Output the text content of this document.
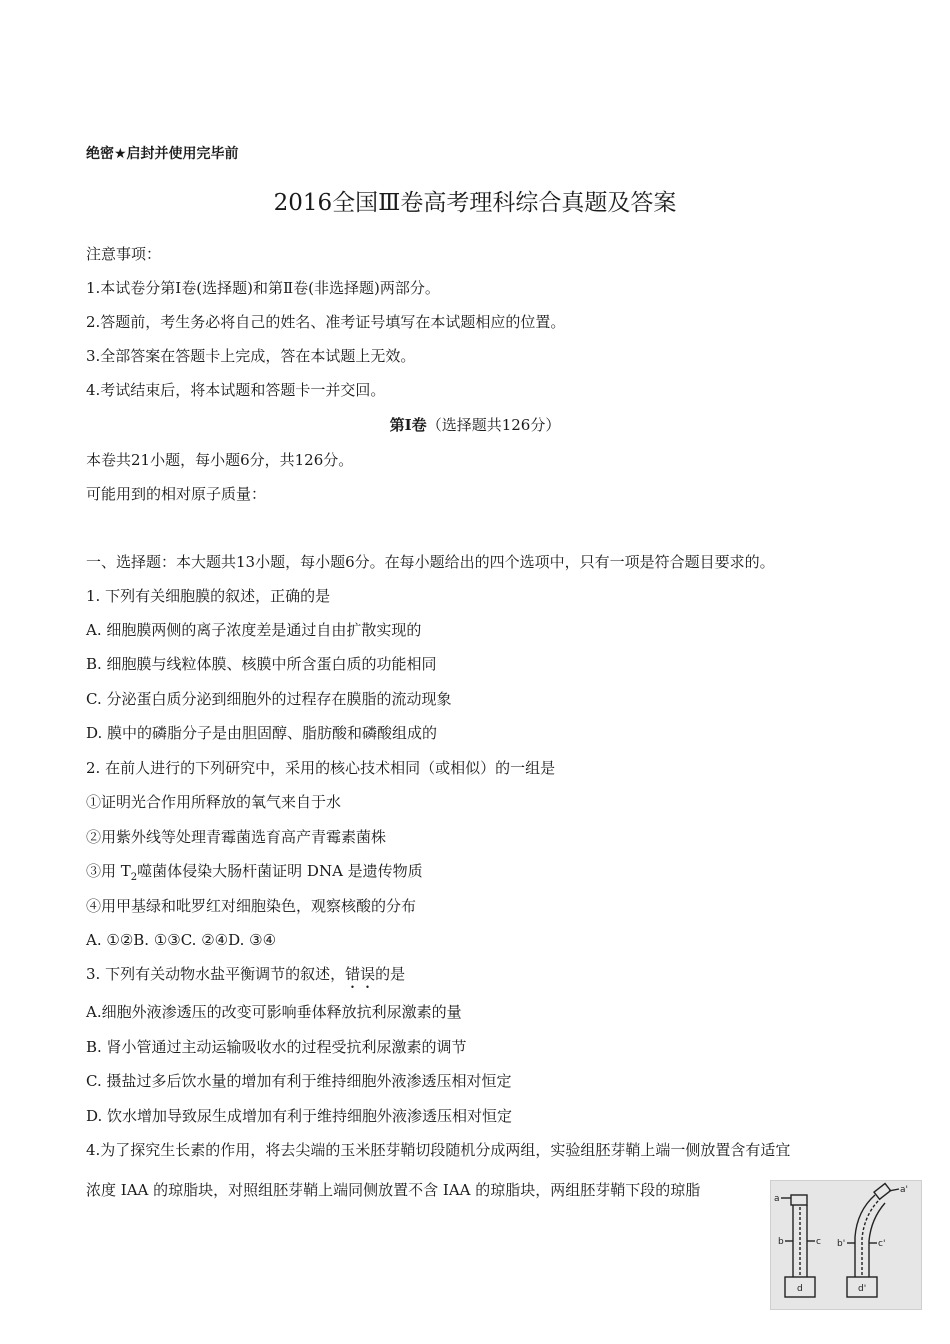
绝密★启封并使用完毕前
2016全国Ⅲ卷高考理科综合真题及答案
注意事项：
1.本试卷分第Ⅰ卷(选择题)和第Ⅱ卷(非选择题)两部分。
2.答题前，考生务必将自己的姓名、准考证号填写在本试题相应的位置。
3.全部答案在答题卡上完成，答在本试题上无效。
4.考试结束后，将本试题和答题卡一并交回。
第Ⅰ卷（选择题共126分）
本卷共21小题，每小题6分，共126分。
可能用到的相对原子质量：
一、选择题：本大题共13小题，每小题6分。在每小题给出的四个选项中，只有一项是符合题目要求的。
1. 下列有关细胞膜的叙述，正确的是
A. 细胞膜两侧的离子浓度差是通过自由扩散实现的
B. 细胞膜与线粒体膜、核膜中所含蛋白质的功能相同
C. 分泌蛋白质分泌到细胞外的过程存在膜脂的流动现象
D. 膜中的磷脂分子是由胆固醇、脂肪酸和磷酸组成的
2. 在前人进行的下列研究中，采用的核心技术相同（或相似）的一组是
①证明光合作用所释放的氧气来自于水
②用紫外线等处理青霉菌选育高产青霉素菌株
③用 $T_2$噬菌体侵染大肠杆菌证明 DNA 是遗传物质
④用甲基绿和吡罗红对细胞染色，观察核酸的分布
A. ①②B. ①③C. ②④D. ③④
3. 下列有关动物水盐平衡调节的叙述，错误的是
A.细胞外液渗透压的改变可影响垂体释放抗利尿激素的量
B. 肾小管通过主动运输吸收水的过程受抗利尿激素的调节
C. 摄盐过多后饮水量的增加有利于维持细胞外液渗透压相对恒定
D. 饮水增加导致尿生成增加有利于维持细胞外液渗透压相对恒定
4.为了探究生长素的作用，将去尖端的玉米胚芽鞘切段随机分成两组，实验组胚芽鞘上端一侧放置含有适宜
浓度 IAA 的琼脂块，对照组胚芽鞘上端同侧放置不含 IAA 的琼脂块，两组胚芽鞘下段的琼脂	a
b	c
d
a'
b'	c'
d'
